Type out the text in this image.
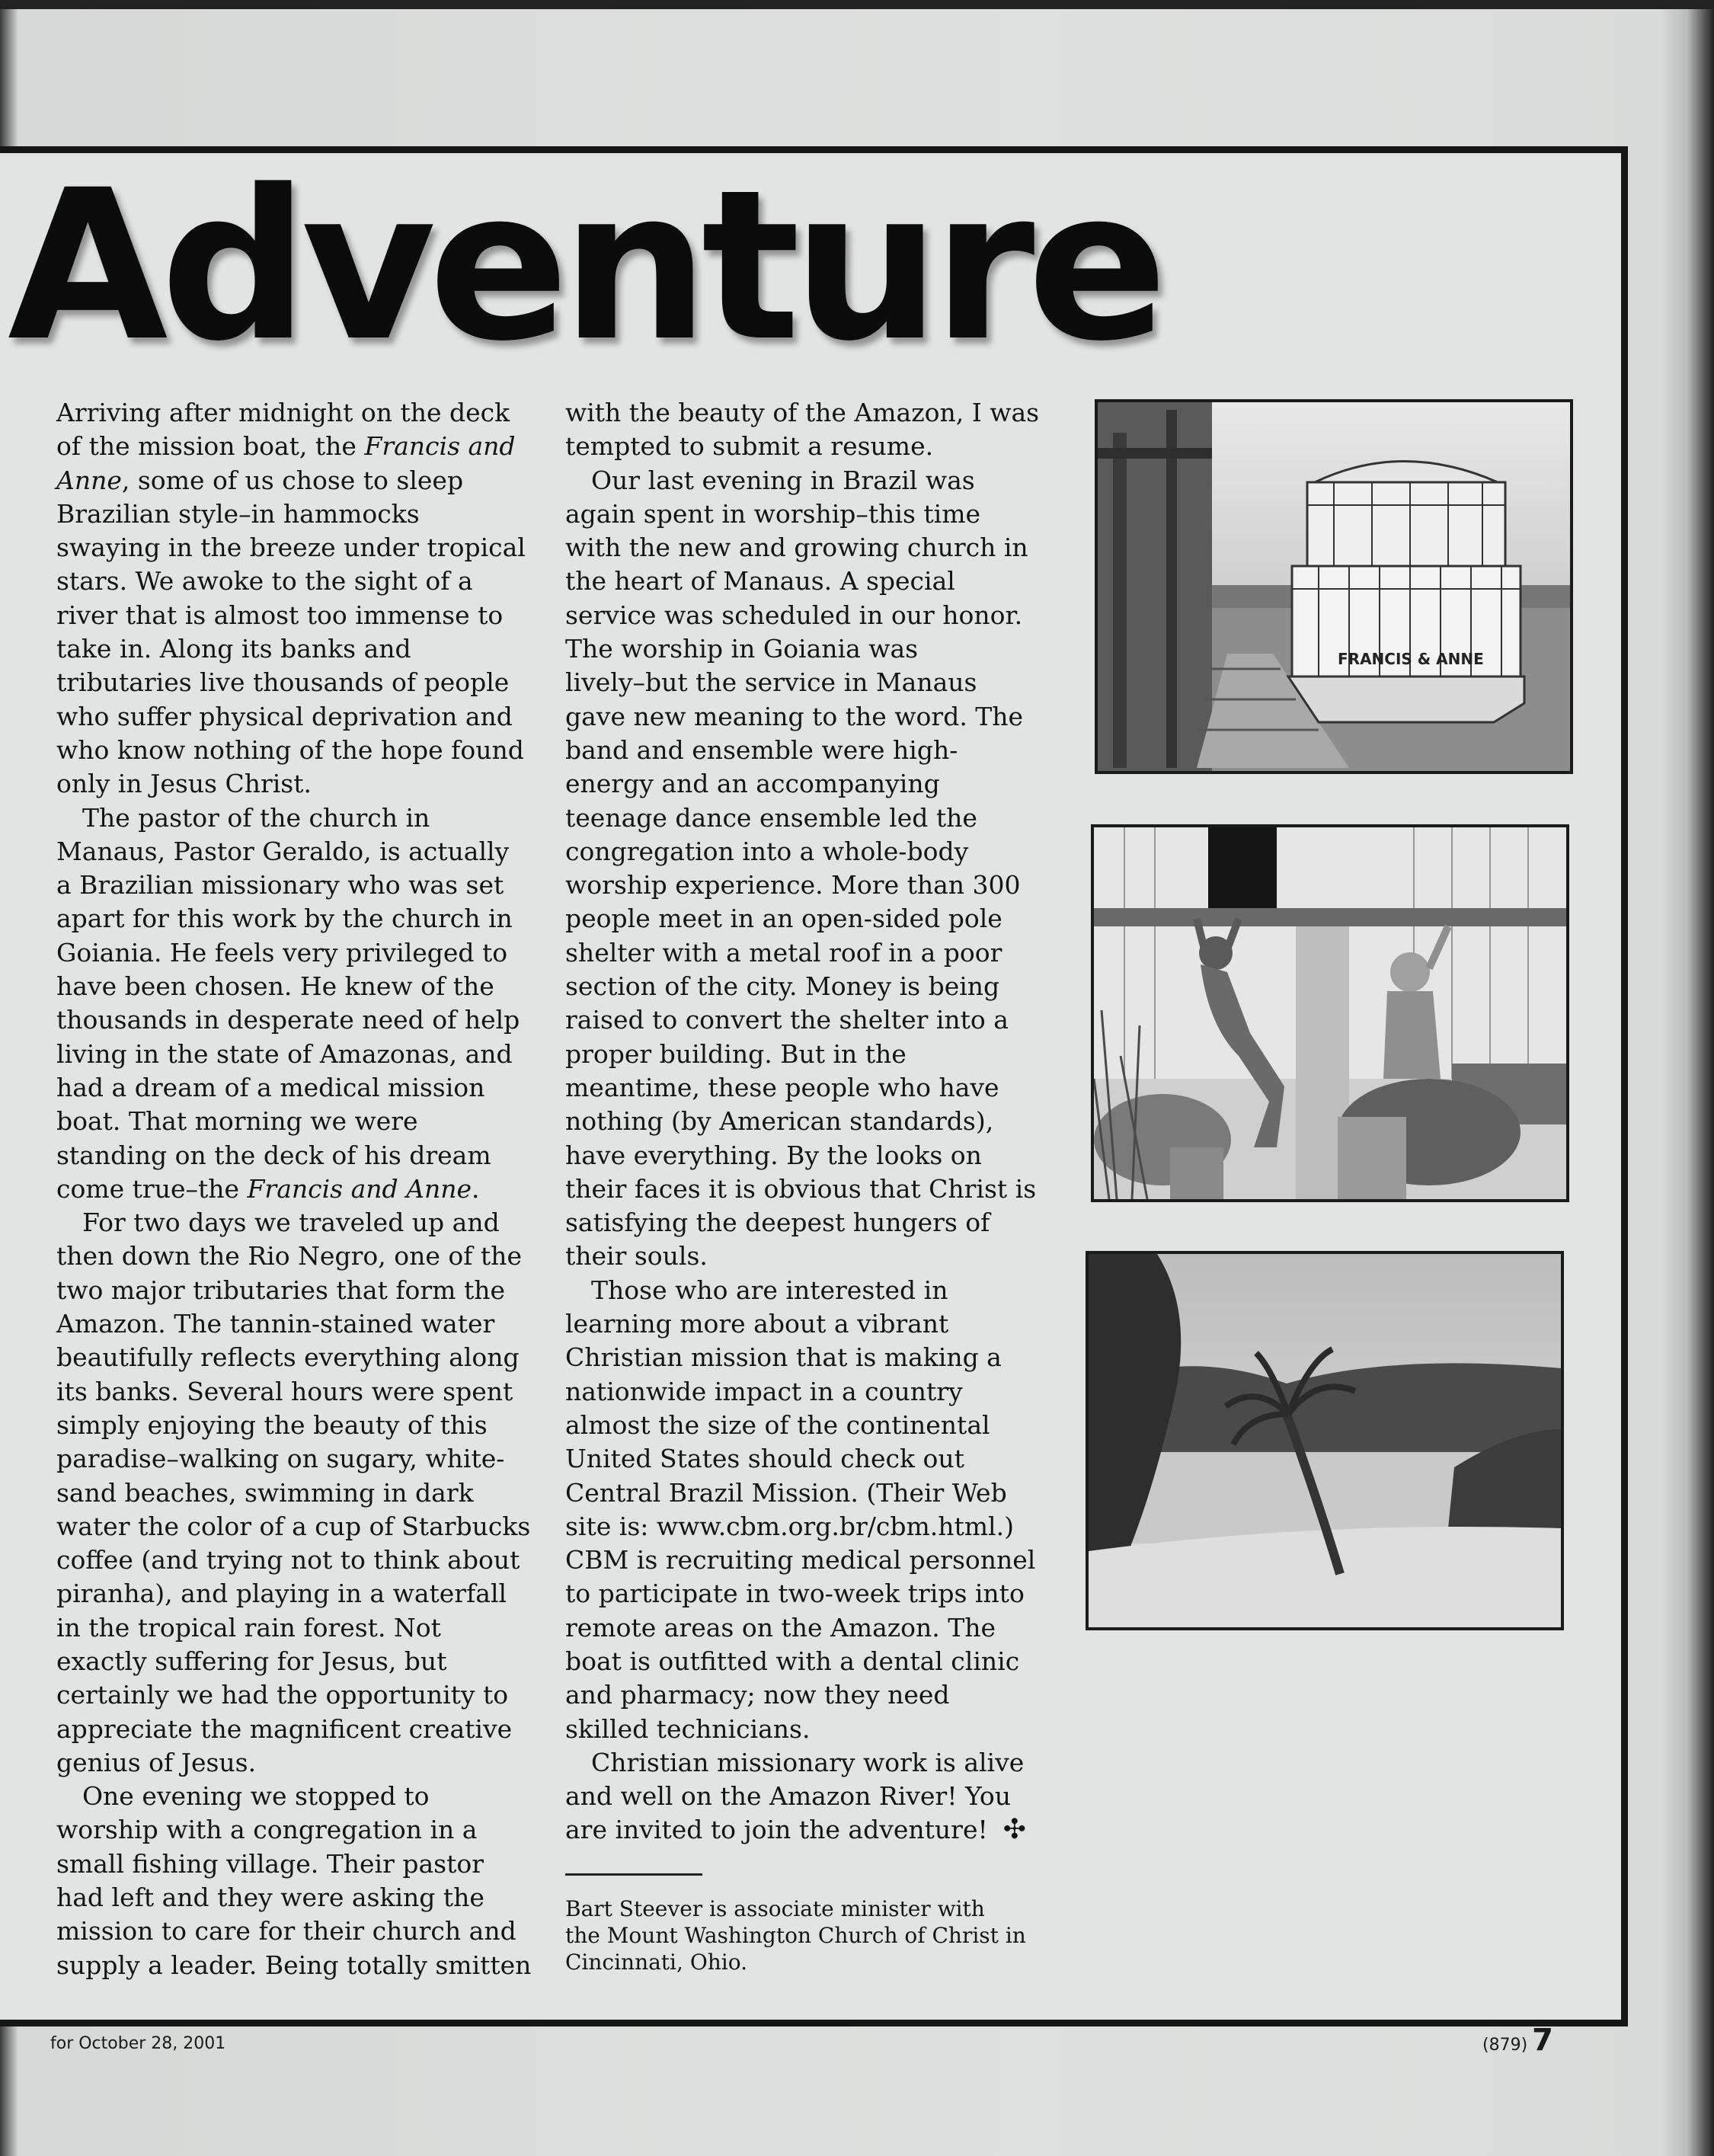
Adventure

Arriving after midnight on the deck

of the mission boat, the Francis and

Anne, some of us chose to sleep

Brazilian style–in hammocks

swaying in the breeze under tropical

stars. We awoke to the sight of a

river that is almost too immense to

take in. Along its banks and

tributaries live thousands of people

who suffer physical deprivation and

who know nothing of the hope found

only in Jesus Christ.

The pastor of the church in

Manaus, Pastor Geraldo, is actually

a Brazilian missionary who was set

apart for this work by the church in

Goiania. He feels very privileged to

have been chosen. He knew of the

thousands in desperate need of help

living in the state of Amazonas, and

had a dream of a medical mission

boat. That morning we were

standing on the deck of his dream

come true–the Francis and Anne.

For two days we traveled up and

then down the Rio Negro, one of the

two major tributaries that form the

Amazon. The tannin-stained water

beautifully reflects everything along

its banks. Several hours were spent

simply enjoying the beauty of this

paradise–walking on sugary, white-

sand beaches, swimming in dark

water the color of a cup of Starbucks

coffee (and trying not to think about

piranha), and playing in a waterfall

in the tropical rain forest. Not

exactly suffering for Jesus, but

certainly we had the opportunity to

appreciate the magnificent creative

genius of Jesus.

One evening we stopped to

worship with a congregation in a

small fishing village. Their pastor

had left and they were asking the

mission to care for their church and

supply a leader. Being totally smitten

with the beauty of the Amazon, I was

tempted to submit a resume.

Our last evening in Brazil was

again spent in worship–this time

with the new and growing church in

the heart of Manaus. A special

service was scheduled in our honor.

The worship in Goiania was

lively–but the service in Manaus

gave new meaning to the word. The

band and ensemble were high-

energy and an accompanying

teenage dance ensemble led the

congregation into a whole-body

worship experience. More than 300

people meet in an open-sided pole

shelter with a metal roof in a poor

section of the city. Money is being

raised to convert the shelter into a

proper building. But in the

meantime, these people who have

nothing (by American standards),

have everything. By the looks on

their faces it is obvious that Christ is

satisfying the deepest hungers of

their souls.

Those who are interested in

learning more about a vibrant

Christian mission that is making a

nationwide impact in a country

almost the size of the continental

United States should check out

Central Brazil Mission. (Their Web

site is: www.cbm.org.br/cbm.html.)

CBM is recruiting medical personnel

to participate in two-week trips into

remote areas on the Amazon. The

boat is outfitted with a dental clinic

and pharmacy; now they need

skilled technicians.

Christian missionary work is alive

and well on the Amazon River! You

are invited to join the adventure! ✣

Bart Steever is associate minister with
the Mount Washington Church of Christ in
Cincinnati, Ohio.
FRANCIS & ANNE
for October 28, 2001	(879) 7
